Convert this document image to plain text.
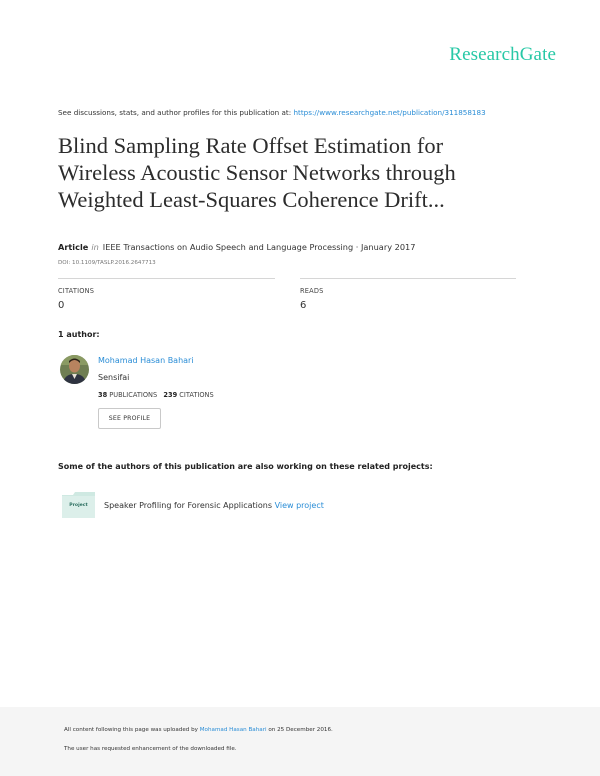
ResearchGate
See discussions, stats, and author profiles for this publication at: https://www.researchgate.net/publication/311858183
Blind Sampling Rate Offset Estimation for
Wireless Acoustic Sensor Networks through
Weighted Least-Squares Coherence Drift...
Article in IEEE Transactions on Audio Speech and Language Processing · January 2017
DOI: 10.1109/TASLP.2016.2647713
CITATIONS
0
READS
6
1 author:
Mohamad Hasan Bahari
Sensifai
38 PUBLICATIONS 239 CITATIONS
SEE PROFILE
Some of the authors of this publication are also working on these related projects:
Project	Speaker Profiling for Forensic Applications View project
All content following this page was uploaded by Mohamad Hasan Bahari on 25 December 2016.
The user has requested enhancement of the downloaded file.
